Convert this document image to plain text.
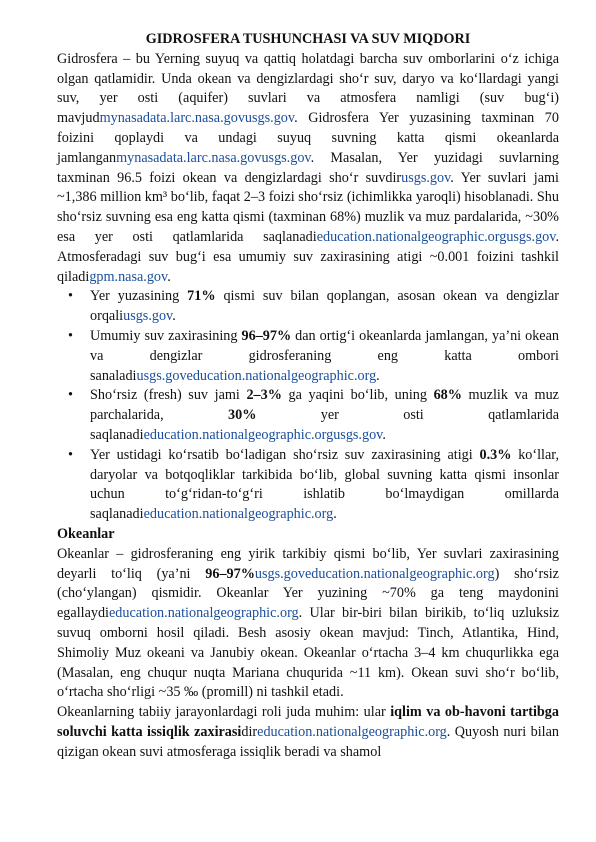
GIDROSFERA TUSHUNCHASI VA SUV MIQDORI

Gidrosfera – bu Yerning suyuq va qattiq holatdagi barcha suv omborlarini o‘z ichiga olgan qatlamidir. Unda okean va dengizlardagi sho‘r suv, daryo va ko‘llardagi yangi suv, yer osti (aquifer) suvlari va atmosfera namligi (suv bug‘i) mavjudmynasadata.larc.nasa.govusgs.gov. Gidrosfera Yer yuzasining taxminan 70 foizini qoplaydi va undagi suyuq suvning katta qismi okeanlarda jamlanganmynasadata.larc.nasa.govusgs.gov. Masalan, Yer yuzidagi suvlarning taxminan 96.5 foizi okean va dengizlardagi sho‘r suvdirusgs.gov. Yer suvlari jami ~1,386 million km³ bo‘lib, faqat 2–3 foizi sho‘rsiz (ichimlikka yaroqli) hisoblanadi. Shu sho‘rsiz suvning esa eng katta qismi (taxminan 68%) muzlik va muz pardalarida, ~30% esa yer osti qatlamlarida saqlanadieducation.nationalgeographic.orgusgs.gov. Atmosferadagi suv bug‘i esa umumiy suv zaxirasining atigi ~0.001 foizini tashkil qiladigpm.nasa.gov.

• Yer yuzasining 71% qismi suv bilan qoplangan, asosan okean va dengizlar orqaliusgs.gov.
• Umumiy suv zaxirasining 96–97% dan ortig‘i okeanlarda jamlangan, ya’ni okean va dengizlar gidrosferaning eng katta ombori sanaladiusgs.goveducation.nationalgeographic.org.
• Sho‘rsiz (fresh) suv jami 2–3% ga yaqini bo‘lib, uning 68% muzlik va muz parchalarida, 30% yer osti qatlamlarida saqlanadieducation.nationalgeographic.orgusgs.gov.
• Yer ustidagi ko‘rsatib bo‘ladigan sho‘rsiz suv zaxirasining atigi 0.3% ko‘llar, daryolar va botqoqliklar tarkibida bo‘lib, global suvning katta qismi insonlar uchun to‘g‘ridan-to‘g‘ri ishlatib bo‘lmaydigan omillarda saqlanadieducation.nationalgeographic.org.
Okeanlar

Okeanlar – gidrosferaning eng yirik tarkibiy qismi bo‘lib, Yer suvlari zaxirasining deyarli to‘liq (ya’ni 96–97%usgs.goveducation.nationalgeographic.org) sho‘rsiz (cho‘ylangan) qismidir. Okeanlar Yer yuzining ~70% ga teng maydonini egallaydieducation.nationalgeographic.org. Ular bir-biri bilan birikib, to‘liq uzluksiz suvuq omborni hosil qiladi. Besh asosiy okean mavjud: Tinch, Atlantika, Hind, Shimoliy Muz okeani va Janubiy okean. Okeanlar o‘rtacha 3–4 km chuqurlikka ega (Masalan, eng chuqur nuqta Mariana chuqurida ~11 km). Okean suvi sho‘r bo‘lib, o‘rtacha sho‘rligi ~35 ‰ (promill) ni tashkil etadi.

Okeanlarning tabiiy jarayonlardagi roli juda muhim: ular iqlim va ob-havoni tartibga soluvchi katta issiqlik zaxirasidireducation.nationalgeographic.org. Quyosh nuri bilan qizigan okean suvi atmosferaga issiqlik beradi va shamol
